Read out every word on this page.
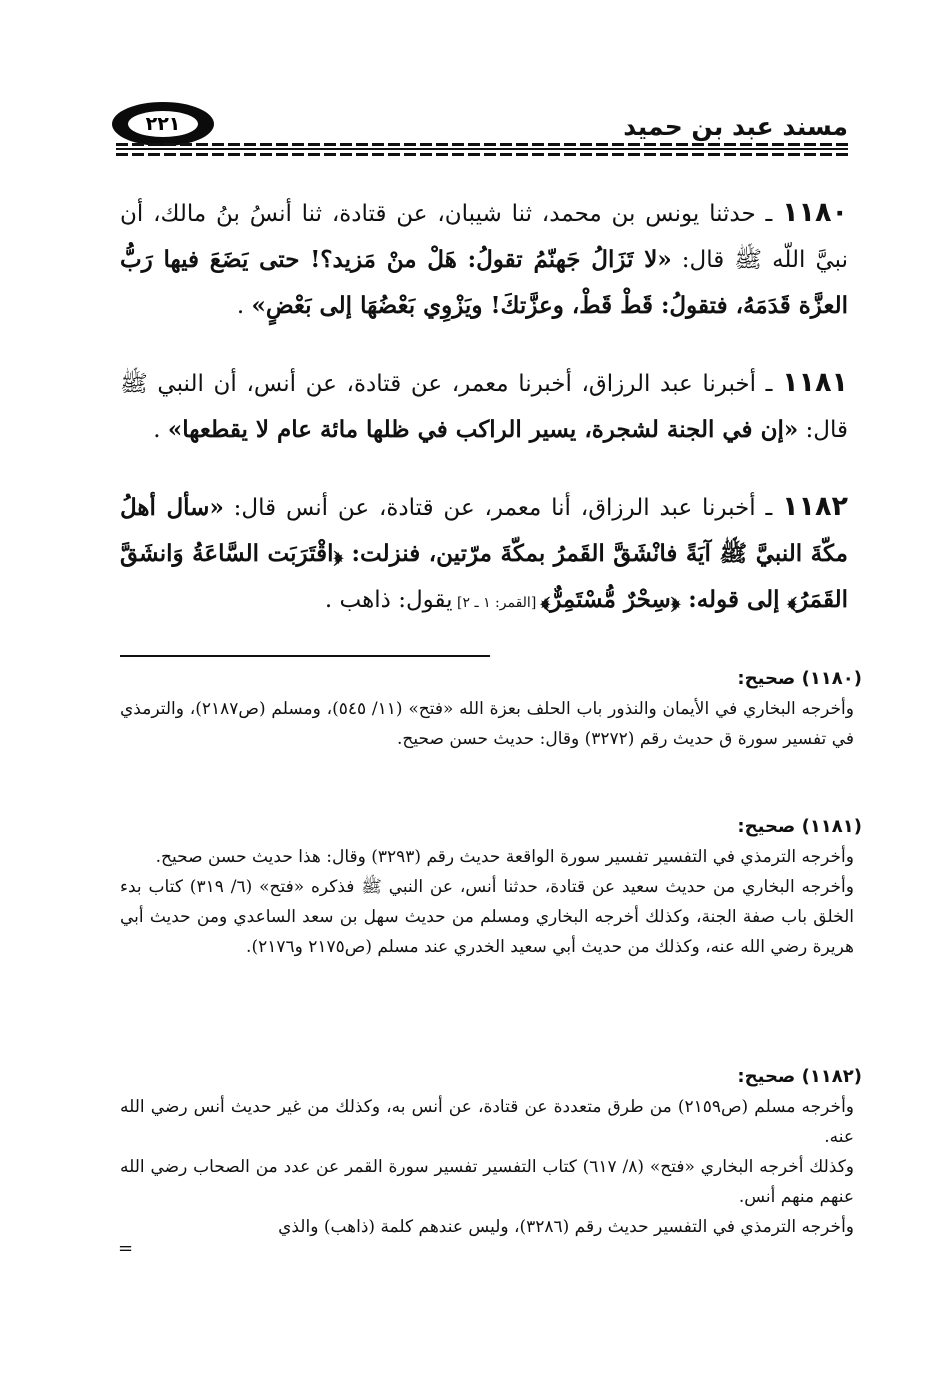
مسند عبد بن حميد
٢٢١
١١٨٠ ـ حدثنا يونس بن محمد، ثنا شيبان، عن قتادة، ثنا أنسُ بنُ مالك، أن نبيَّ اللّه ﷺ قال: «لا تَزَالُ جَهنّمُ تقولُ: هَلْ منْ مَزيد؟! حتى يَضَعَ فيها رَبُّ العزَّة قَدَمَهُ، فتقولُ: قَطْ قَطْ، وعزَّتكَ! ويَزْوِي بَعْضُهَا إلى بَعْضٍ» .
١١٨١ ـ أخبرنا عبد الرزاق، أخبرنا معمر، عن قتادة، عن أنس، أن النبي ﷺ قال: «إن في الجنة لشجرة، يسير الراكب في ظلها مائة عام لا يقطعها» .
١١٨٢ ـ أخبرنا عبد الرزاق، أنا معمر، عن قتادة، عن أنس قال: «سأل أهلُ مكّةَ النبيَّ ﷺ آيَةً فانْشَقَّ القَمرُ بمكّةَ مرّتين، فنزلت: ﴿اقْتَرَبَت السَّاعَةُ وَانشَقَّ القَمَرُ﴾ إلى قوله: ﴿سِحْرٌ مُّسْتَمِرٌّ﴾ [القمر: ١ ـ ٢] يقول: ذاهب .
(١١٨٠) صحيح:

وأخرجه البخاري في الأيمان والنذور باب الحلف بعزة الله «فتح» (١١/ ٥٤٥)، ومسلم (ص٢١٨٧)، والترمذي في تفسير سورة ق حديث رقم (٣٢٧٢) وقال: حديث حسن صحيح.

(١١٨١) صحيح:

وأخرجه الترمذي في التفسير تفسير سورة الواقعة حديث رقم (٣٢٩٣) وقال: هذا حديث حسن صحيح.

وأخرجه البخاري من حديث سعيد عن قتادة، حدثنا أنس، عن النبي ﷺ فذكره «فتح» (٦/ ٣١٩) كتاب بدء الخلق باب صفة الجنة، وكذلك أخرجه البخاري ومسلم من حديث سهل بن سعد الساعدي ومن حديث أبي هريرة رضي الله عنه، وكذلك من حديث أبي سعيد الخدري عند مسلم (ص٢١٧٥ و٢١٧٦).

(١١٨٢) صحيح:

وأخرجه مسلم (ص٢١٥٩) من طرق متعددة عن قتادة، عن أنس به، وكذلك من غير حديث أنس رضي الله عنه.

وكذلك أخرجه البخاري «فتح» (٨/ ٦١٧) كتاب التفسير تفسير سورة القمر عن عدد من الصحاب رضي الله عنهم منهم أنس.

وأخرجه الترمذي في التفسير حديث رقم (٣٢٨٦)، وليس عندهم كلمة (ذاهب) والذي

=
